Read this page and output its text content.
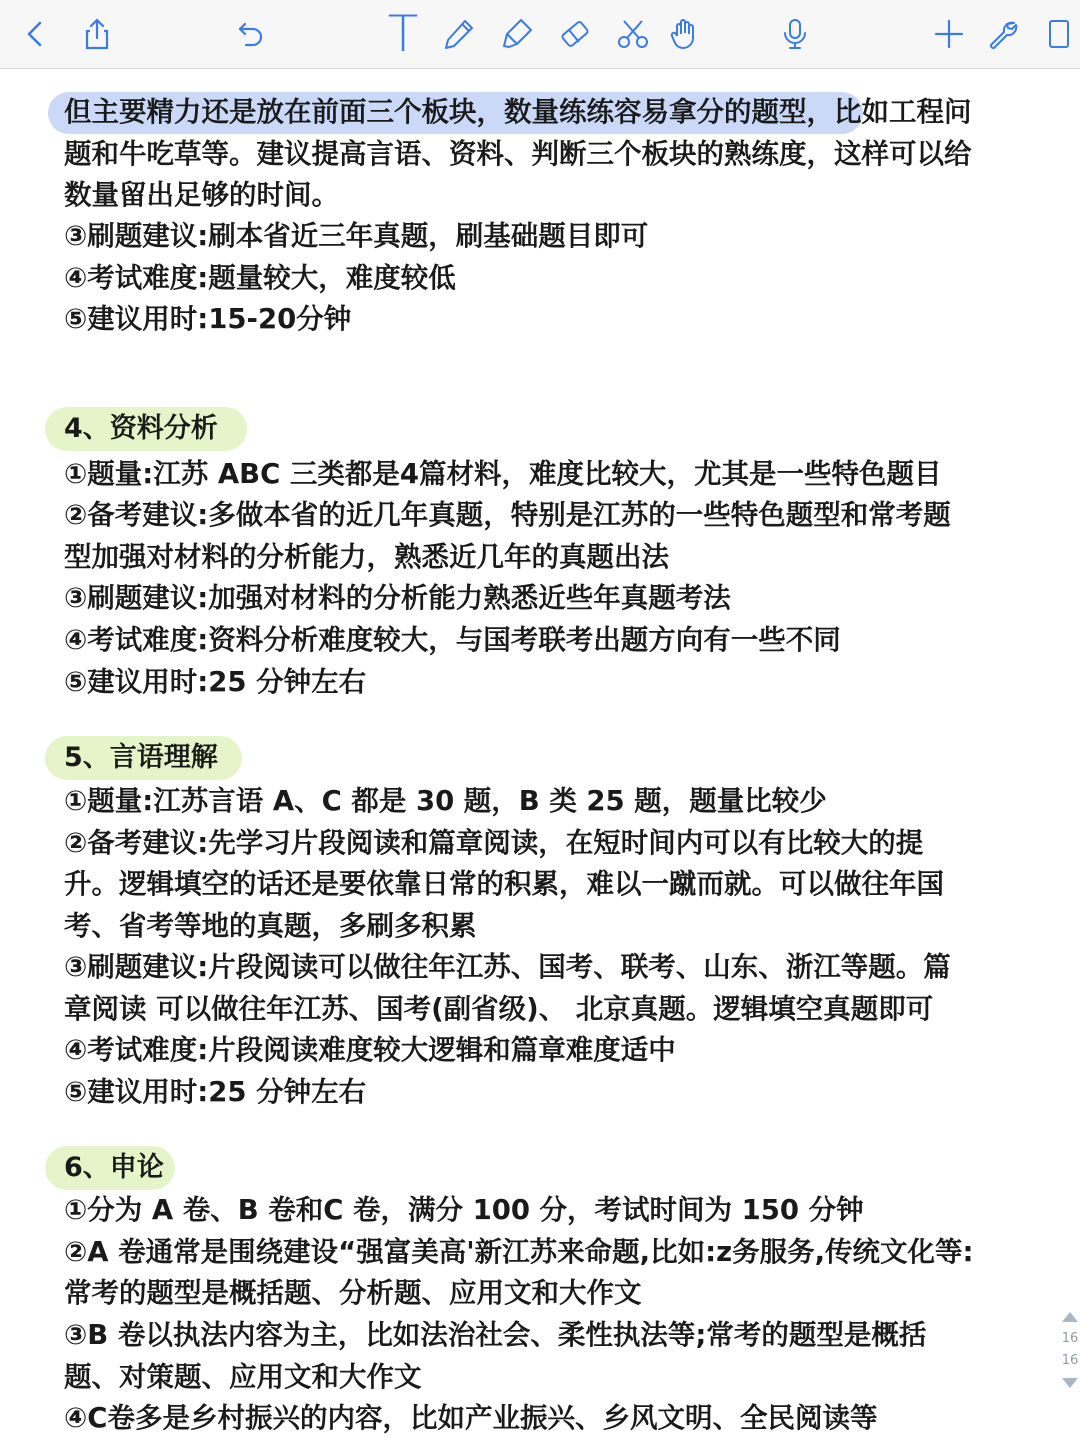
T
但主要精力还是放在前面三个板块，数量练练容易拿分的题型，比如工程问
题和牛吃草等。建议提高言语、资料、判断三个板块的熟练度，这样可以给
数量留出足够的时间。
③刷题建议:刷本省近三年真题，刷基础题目即可
④考试难度:题量较大，难度较低
⑤建议用时:15-20分钟
4、资料分析
①题量:江苏 ABC 三类都是4篇材料，难度比较大，尤其是一些特色题目
②备考建议:多做本省的近几年真题，特别是江苏的一些特色题型和常考题
型加强对材料的分析能力，熟悉近几年的真题出法
③刷题建议:加强对材料的分析能力熟悉近些年真题考法
④考试难度:资料分析难度较大，与国考联考出题方向有一些不同
⑤建议用时:25 分钟左右
5、言语理解
①题量:江苏言语 A、C 都是 30 题，B 类 25 题，题量比较少
②备考建议:先学习片段阅读和篇章阅读，在短时间内可以有比较大的提
升。逻辑填空的话还是要依靠日常的积累，难以一蹴而就。可以做往年国
考、省考等地的真题，多刷多积累
③刷题建议:片段阅读可以做往年江苏、国考、联考、山东、浙江等题。篇
章阅读 可以做往年江苏、国考(副省级)、 北京真题。逻辑填空真题即可
④考试难度:片段阅读难度较大逻辑和篇章难度适中
⑤建议用时:25 分钟左右
6、申论
①分为 A 卷、B 卷和C 卷，满分 100 分，考试时间为 150 分钟
②A 卷通常是围绕建设“强富美高'新江苏来命题,比如:z务服务,传统文化等:
常考的题型是概括题、分析题、应用文和大作文
③B 卷以执法内容为主，比如法治社会、柔性执法等;常考的题型是概括
题、对策题、应用文和大作文
④C卷多是乡村振兴的内容，比如产业振兴、乡风文明、全民阅读等
16
16
